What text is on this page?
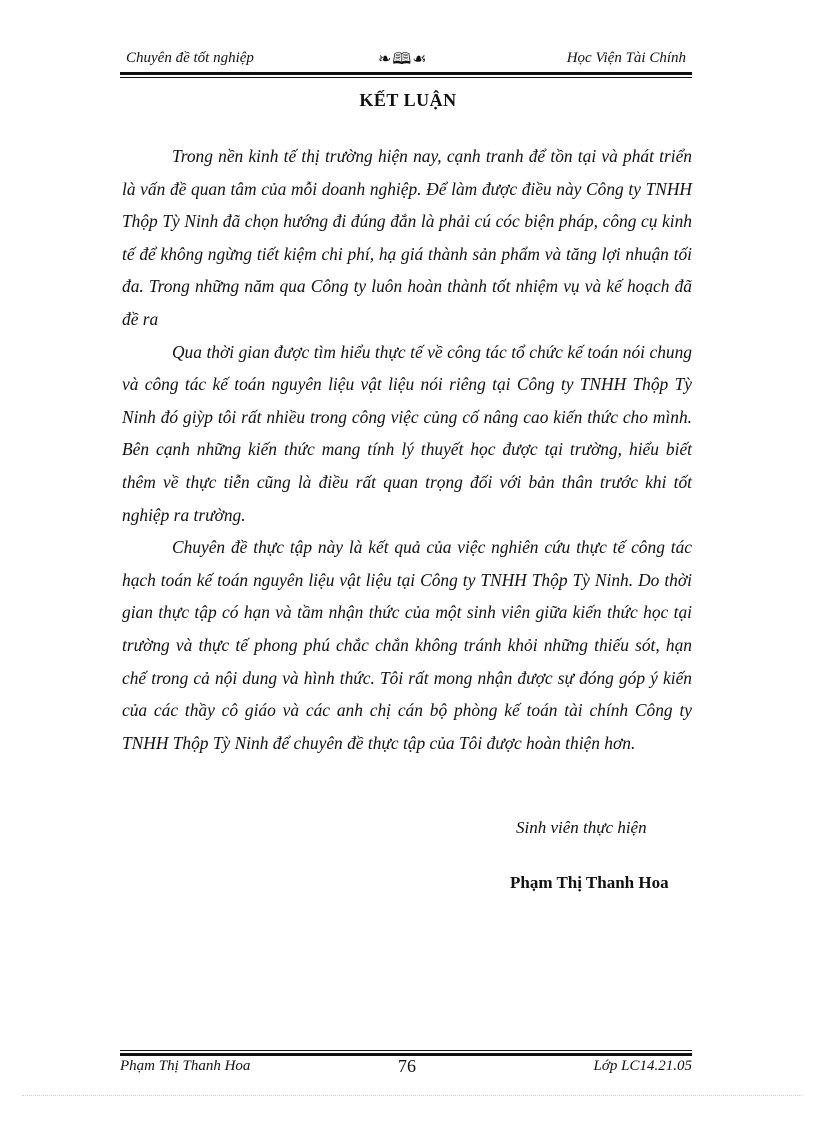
Chuyên đề tốt nghiệp	❧🕮☙	Học Viện Tài Chính
KẾT LUẬN

Trong nền kinh tế thị trường hiện nay, cạnh tranh để tồn tại và phát triển là vấn đề quan tâm của mỗi doanh nghiệp. Để làm được điều này Công ty TNHH Thộp Tỳ Ninh đã chọn hướng đi đúng đắn là phải cú cóc biện pháp, công cụ kinh tế để không ngừng tiết kiệm chi phí, hạ giá thành sản phẩm và tăng lợi nhuận tối đa. Trong những năm qua Công ty luôn hoàn thành tốt nhiệm vụ và kế hoạch đã đề ra

Qua thời gian được tìm hiểu thực tế về công tác tổ chức kế toán nói chung và công tác kế toán nguyên liệu vật liệu nói riêng tại Công ty TNHH Thộp Tỳ Ninh đó giỳp tôi rất nhiều trong công việc củng cố nâng cao kiến thức cho mình. Bên cạnh những kiến thức mang tính lý thuyết học được tại trường, hiểu biết thêm về thực tiễn cũng là điều rất quan trọng đối với bản thân trước khi tốt nghiệp ra trường.

Chuyên đề thực tập này là kết quả của việc nghiên cứu thực tế công tác hạch toán kế toán nguyên liệu vật liệu tại Công ty TNHH Thộp Tỳ Ninh. Do thời gian thực tập có hạn và tầm nhận thức của một sinh viên giữa kiến thức học tại trường và thực tế phong phú chắc chắn không tránh khỏi những thiếu sót, hạn chế trong cả nội dung và hình thức. Tôi rất mong nhận được sự đóng góp ý kiến của các thầy cô giáo và các anh chị cán bộ phòng kế toán tài chính Công ty TNHH Thộp Tỳ Ninh để chuyên đề thực tập của Tôi được hoàn thiện hơn.

Sinh viên thực hiện
Phạm Thị Thanh Hoa
Phạm Thị Thanh Hoa	76	Lớp LC14.21.05
